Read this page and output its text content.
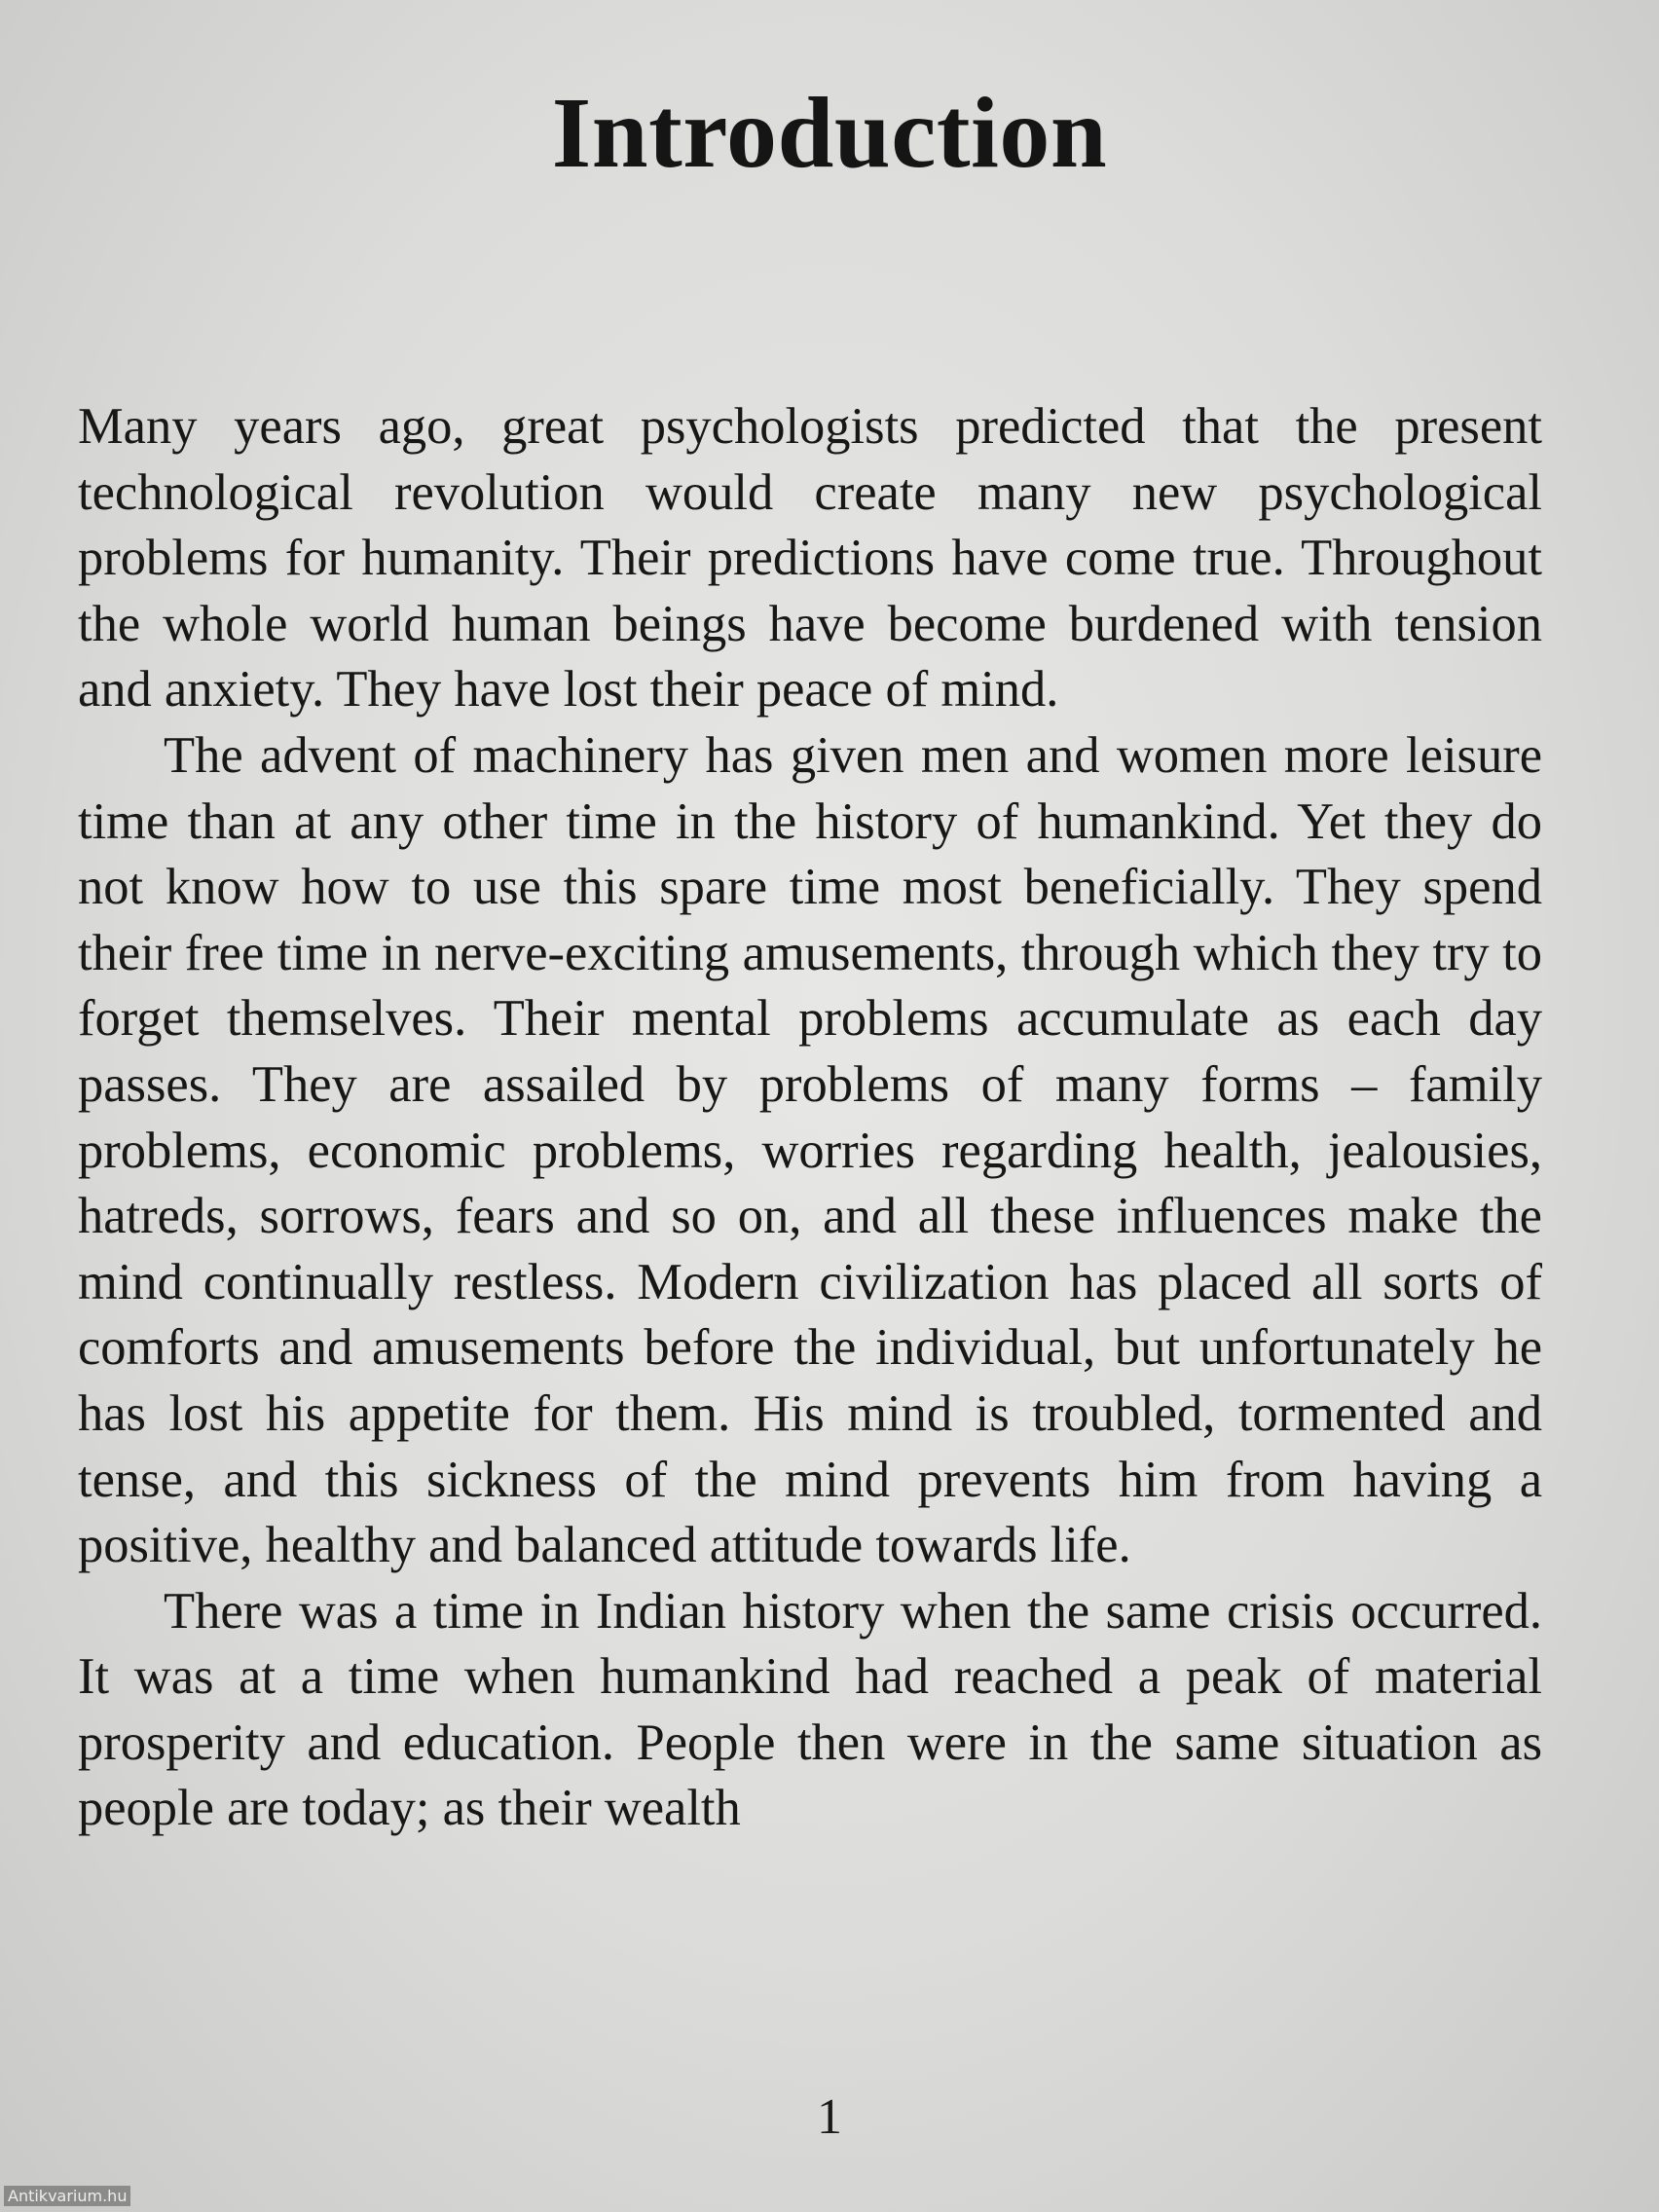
Introduction

Many years ago, great psychologists predicted that the present technological revolution would create many new psychological problems for humanity. Their predictions have come true. Throughout the whole world human beings have become burdened with tension and anxiety. They have lost their peace of mind.

The advent of machinery has given men and women more leisure time than at any other time in the history of humankind. Yet they do not know how to use this spare time most beneficially. They spend their free time in nerve-exciting amusements, through which they try to forget themselves. Their mental problems accumulate as each day passes. They are assailed by problems of many forms – family problems, economic problems, worries regarding health, jealousies, hatreds, sorrows, fears and so on, and all these influences make the mind continually restless. Modern civilization has placed all sorts of comforts and amusements before the individual, but unfortunately he has lost his appetite for them. His mind is troubled, tormented and tense, and this sickness of the mind prevents him from having a positive, healthy and balanced attitude towards life.

There was a time in Indian history when the same crisis occurred. It was at a time when humankind had reached a peak of material prosperity and education. People then were in the same situation as people are today; as their wealth

1
Antikvarium.hu
